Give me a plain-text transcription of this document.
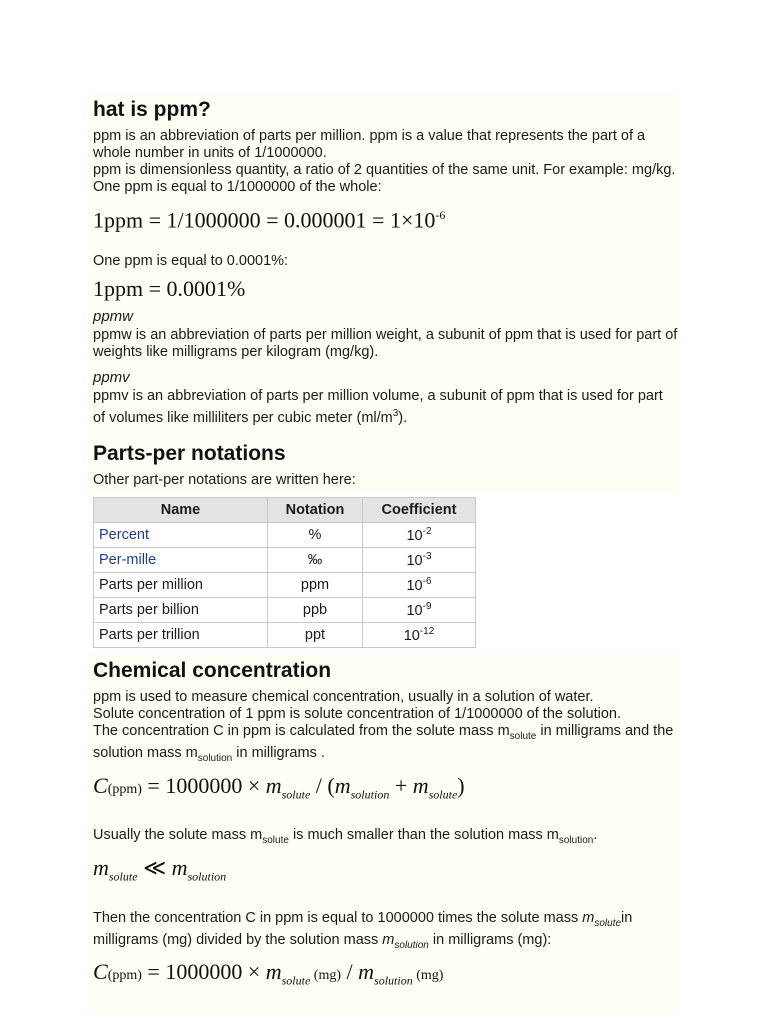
hat is ppm?

ppm is an abbreviation of parts per million. ppm is a value that represents the part of a whole number in units of 1/1000000.

ppm is dimensionless quantity, a ratio of 2 quantities of the same unit. For example: mg/kg.

One ppm is equal to 1/1000000 of the whole:

$1ppm = 1/1000000 = 0.000001 = 1\times 10^{-6}$

One ppm is equal to 0.0001%:

1ppm = 0.0001%
ppmw

ppmw is an abbreviation of parts per million weight, a subunit of ppm that is used for part of weights like milligrams per kilogram (mg/kg).

ppmv

ppmv is an abbreviation of parts per million volume, a subunit of ppm that is used for part of volumes like milliliters per cubic meter $(ml/m^3)$.

Parts-per notations

Other part-per notations are written here:

Name	Notation	Coefficient
Percent	%	$10^{-2}$
Per-mille	‰	$10^{-3}$
Parts per million	ppm	$10^{-6}$
Parts per billion	ppb	$10^{-9}$
Parts per trillion	ppt	$10^{-12}$
Chemical concentration

ppm is used to measure chemical concentration, usually in a solution of water.

Solute concentration of 1 ppm is solute concentration of 1/1000000 of the solution.

The concentration C in ppm is calculated from the solute mass $m_{solute}$ in milligrams and the solution mass $m_{solution}$ in milligrams .

$C(ppm) = 1000000 \times m_{solute} / (m_{solution} + m_{solute})$

Usually the solute mass $m_{solute}$ is much smaller than the solution mass $m_{solution}$.

$m_{solute}$ ≪ $m_{solution}$

Then the concentration C in ppm is equal to 1000000 times the solute mass $m_{solute}in$ milligrams (mg) divided by the solution mass $m_{solution}$ in milligrams (mg):

$C(ppm) = 1000000 \times m_{solute}$ $(mg) / m_{solution}$ (mg)
